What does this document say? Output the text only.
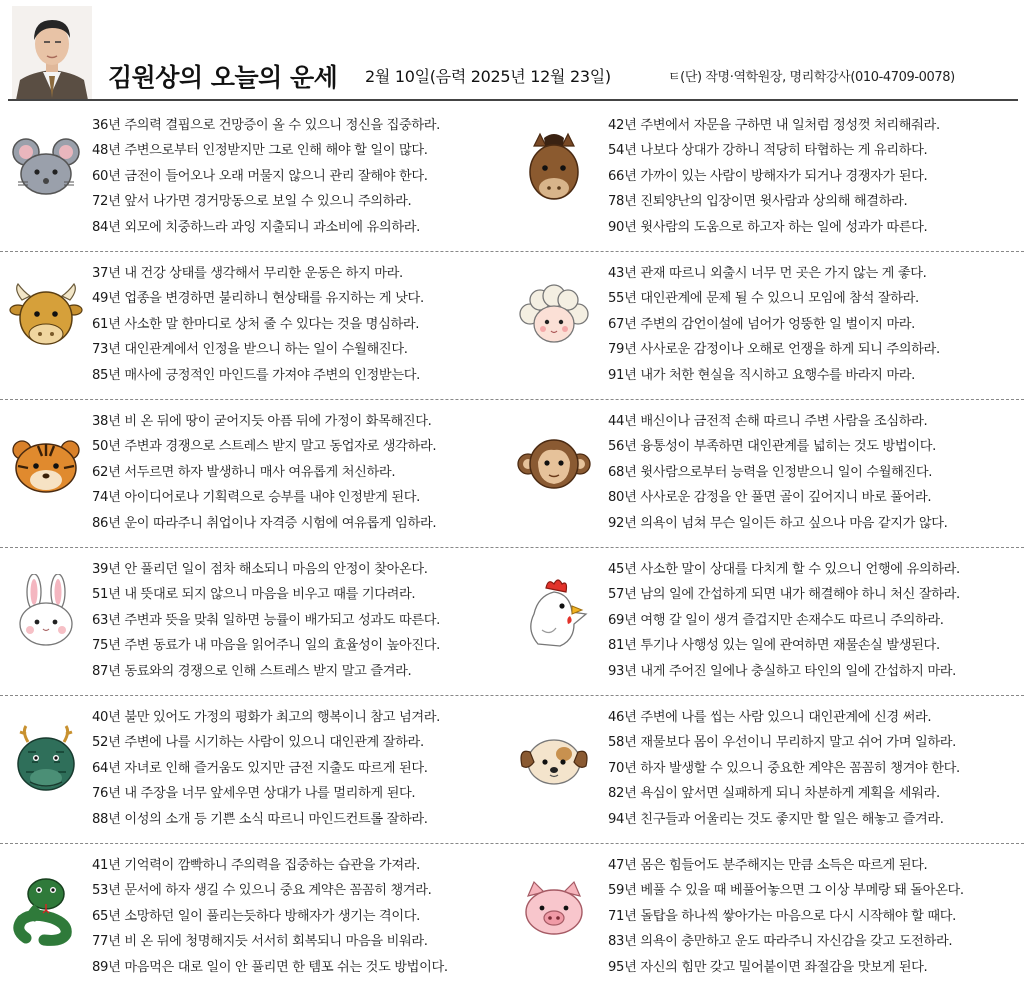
김원상의 오늘의 운세 2월 10일(음력 2025년 12월 23일)	ㅌ(단) 작명·역학원장, 명리학강사(010-4709-0078)
36년 주의력 결핍으로 건망증이 올 수 있으니 정신을 집중하라.
48년 주변으로부터 인정받지만 그로 인해 해야 할 일이 많다.
60년 금전이 들어오나 오래 머물지 않으니 관리 잘해야 한다.
72년 앞서 나가면 경거망동으로 보일 수 있으니 주의하라.
84년 외모에 치중하느라 과잉 지출되니 과소비에 유의하라.
42년 주변에서 자문을 구하면 내 일처럼 정성껏 처리해줘라.
54년 나보다 상대가 강하니 적당히 타협하는 게 유리하다.
66년 가까이 있는 사람이 방해자가 되거나 경쟁자가 된다.
78년 진퇴양난의 입장이면 윗사람과 상의해 해결하라.
90년 윗사람의 도움으로 하고자 하는 일에 성과가 따른다.
37년 내 건강 상태를 생각해서 무리한 운동은 하지 마라.
49년 업종을 변경하면 불리하니 현상태를 유지하는 게 낫다.
61년 사소한 말 한마디로 상처 줄 수 있다는 것을 명심하라.
73년 대인관계에서 인정을 받으니 하는 일이 수월해진다.
85년 매사에 긍정적인 마인드를 가져야 주변의 인정받는다.
43년 관재 따르니 외출시 너무 먼 곳은 가지 않는 게 좋다.
55년 대인관계에 문제 될 수 있으니 모임에 참석 잘하라.
67년 주변의 감언이설에 넘어가 엉뚱한 일 벌이지 마라.
79년 사사로운 감정이나 오해로 언쟁을 하게 되니 주의하라.
91년 내가 처한 현실을 직시하고 요행수를 바라지 마라.
38년 비 온 뒤에 땅이 굳어지듯 아픔 뒤에 가정이 화목해진다.
50년 주변과 경쟁으로 스트레스 받지 말고 동업자로 생각하라.
62년 서두르면 하자 발생하니 매사 여유롭게 처신하라.
74년 아이디어로나 기획력으로 승부를 내야 인정받게 된다.
86년 운이 따라주니 취업이나 자격증 시험에 여유롭게 임하라.
44년 배신이나 금전적 손해 따르니 주변 사람을 조심하라.
56년 융통성이 부족하면 대인관계를 넓히는 것도 방법이다.
68년 윗사람으로부터 능력을 인정받으니 일이 수월해진다.
80년 사사로운 감정을 안 풀면 골이 깊어지니 바로 풀어라.
92년 의욕이 넘쳐 무슨 일이든 하고 싶으나 마음 같지가 않다.
39년 안 풀리던 일이 점차 해소되니 마음의 안정이 찾아온다.
51년 내 뜻대로 되지 않으니 마음을 비우고 때를 기다려라.
63년 주변과 뜻을 맞춰 일하면 능률이 배가되고 성과도 따른다.
75년 주변 동료가 내 마음을 읽어주니 일의 효율성이 높아진다.
87년 동료와의 경쟁으로 인해 스트레스 받지 말고 즐겨라.
45년 사소한 말이 상대를 다치게 할 수 있으니 언행에 유의하라.
57년 남의 일에 간섭하게 되면 내가 해결해야 하니 처신 잘하라.
69년 여행 갈 일이 생겨 즐겁지만 손재수도 따르니 주의하라.
81년 투기나 사행성 있는 일에 관여하면 재물손실 발생된다.
93년 내게 주어진 일에나 충실하고 타인의 일에 간섭하지 마라.
40년 불만 있어도 가정의 평화가 최고의 행복이니 참고 넘겨라.
52년 주변에 나를 시기하는 사람이 있으니 대인관계 잘하라.
64년 자녀로 인해 즐거움도 있지만 금전 지출도 따르게 된다.
76년 내 주장을 너무 앞세우면 상대가 나를 멀리하게 된다.
88년 이성의 소개 등 기쁜 소식 따르니 마인드컨트롤 잘하라.
46년 주변에 나를 씹는 사람 있으니 대인관계에 신경 써라.
58년 재물보다 몸이 우선이니 무리하지 말고 쉬어 가며 일하라.
70년 하자 발생할 수 있으니 중요한 계약은 꼼꼼히 챙겨야 한다.
82년 욕심이 앞서면 실패하게 되니 차분하게 계획을 세워라.
94년 친구들과 어울리는 것도 좋지만 할 일은 해놓고 즐겨라.
41년 기억력이 깜빡하니 주의력을 집중하는 습관을 가져라.
53년 문서에 하자 생길 수 있으니 중요 계약은 꼼꼼히 챙겨라.
65년 소망하던 일이 풀리는듯하다 방해자가 생기는 격이다.
77년 비 온 뒤에 청명해지듯 서서히 회복되니 마음을 비워라.
89년 마음먹은 대로 일이 안 풀리면 한 템포 쉬는 것도 방법이다.
47년 몸은 힘들어도 분주해지는 만큼 소득은 따르게 된다.
59년 베풀 수 있을 때 베풀어놓으면 그 이상 부메랑 돼 돌아온다.
71년 돌탑을 하나씩 쌓아가는 마음으로 다시 시작해야 할 때다.
83년 의욕이 충만하고 운도 따라주니 자신감을 갖고 도전하라.
95년 자신의 힘만 갖고 밀어붙이면 좌절감을 맛보게 된다.
